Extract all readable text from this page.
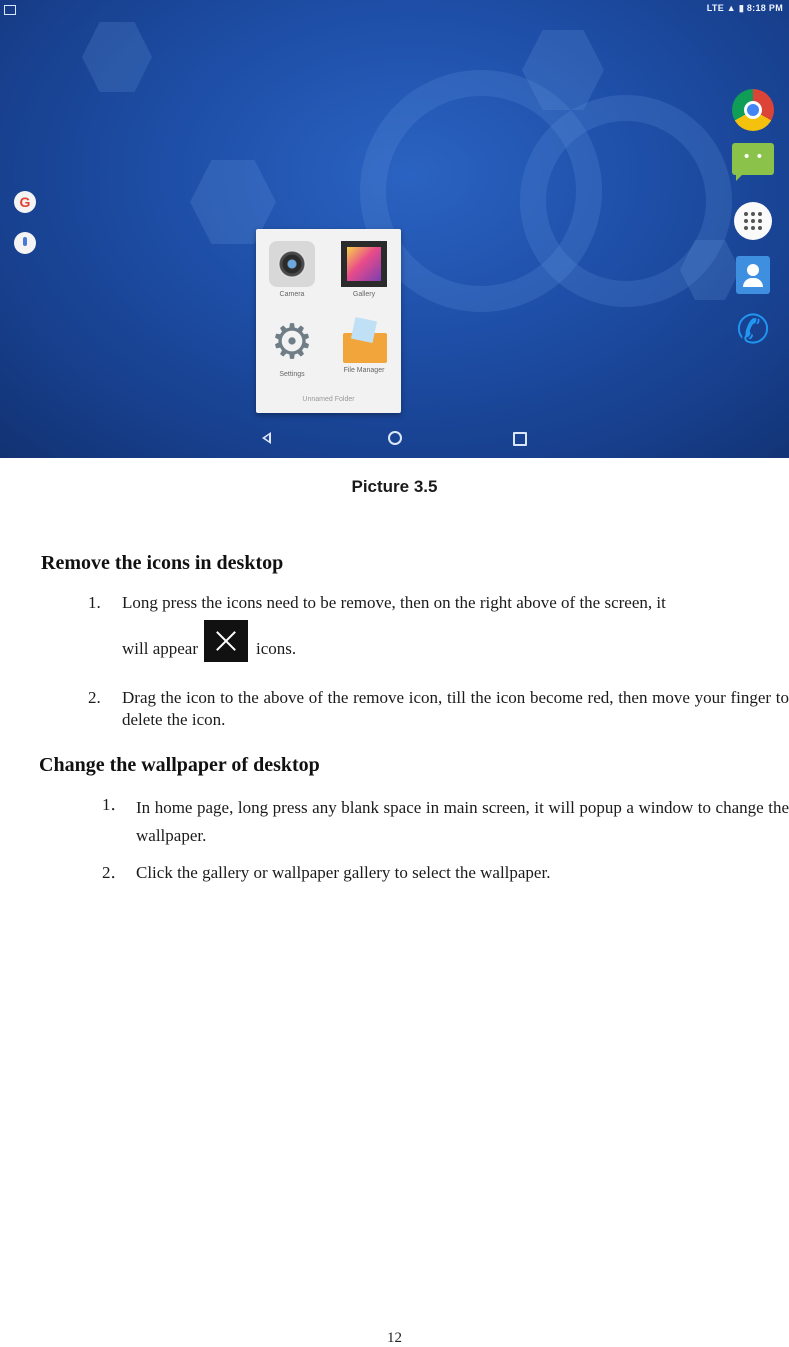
LTE ▲ ▮ 8:18 PM
G
• •
✆
Camera	Gallery
⚙
Settings
File Manager
Unnamed Folder
Picture 3.5
Remove the icons in desktop
1. Long press the icons need to be remove, then on the right above of the screen, it
will appear	icons.
2. Drag the icon to the above of the remove icon, till the icon become red, then move your finger to delete the icon.
Change the wallpaper of desktop
1． In home page, long press any blank space in main screen, it will popup a window to change the wallpaper.
2． Click the gallery or wallpaper gallery to select the wallpaper.
12
